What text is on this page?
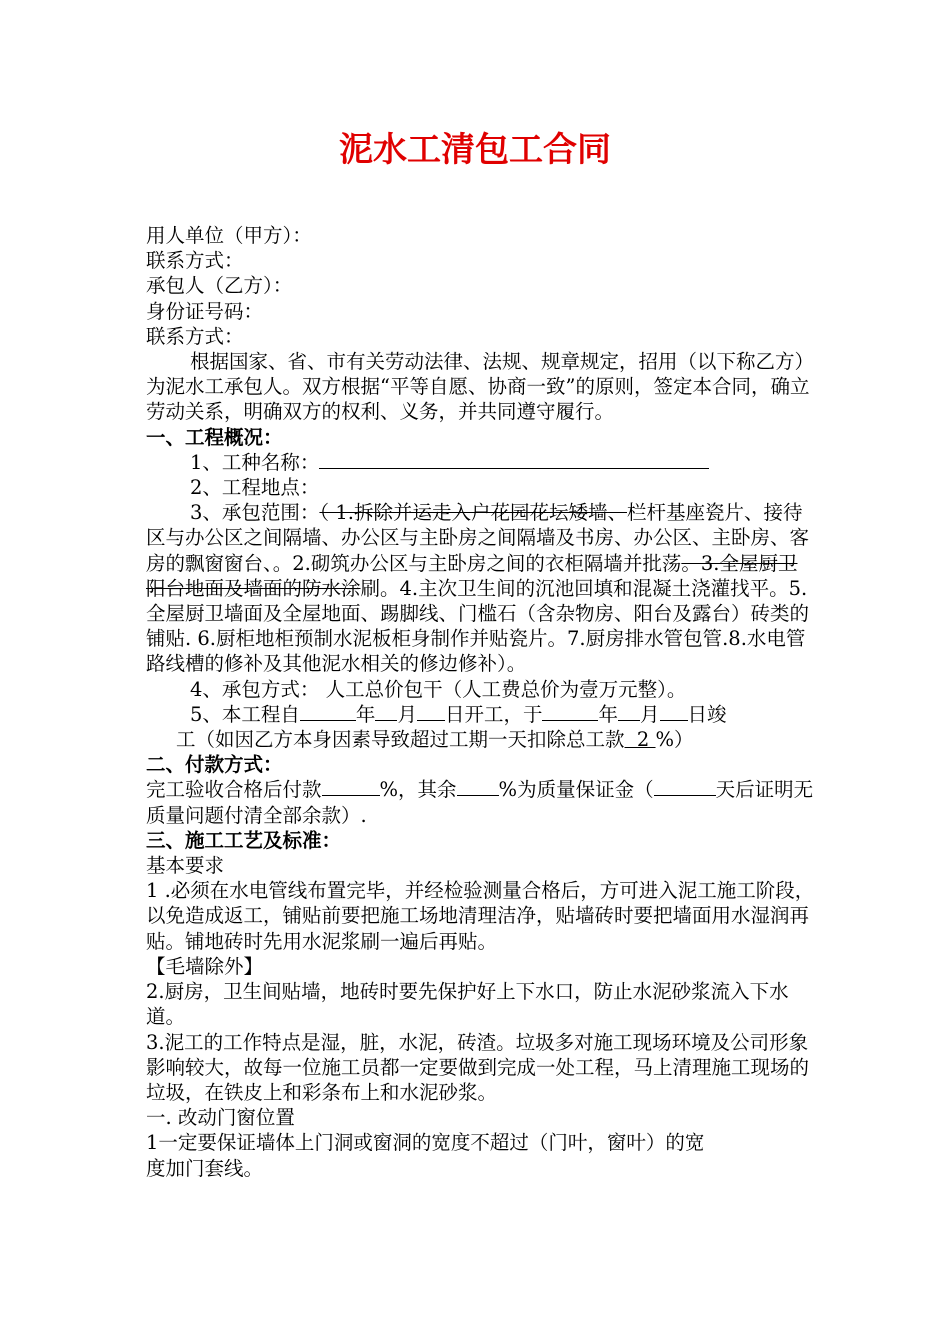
泥水工清包工合同

用人单位（甲方）：

联系方式：

承包人（乙方）：

身份证号码：

联系方式：

根据国家、省、市有关劳动法律、法规、规章规定，招用（以下称乙方）为泥水工承包人。双方根据“平等自愿、协商一致”的原则，签定本合同，确立劳动关系，明确双方的权利、义务，并共同遵守履行。

一、工程概况：

1、工种名称：

2、工程地点：

3、承包范围：（ 1.拆除并运走入户花园花坛矮墙、栏杆基座瓷片、接待区与办公区之间隔墙、办公区与主卧房之间隔墙及书房、办公区、主卧房、客房的飘窗窗台、。2.砌筑办公区与主卧房之间的衣柜隔墙并批荡。3.全屋厨卫阳台地面及墙面的防水涂刷。4.主次卫生间的沉池回填和混凝土浇灌找平。5.全屋厨卫墙面及全屋地面、踢脚线、门槛石（含杂物房、阳台及露台）砖类的铺贴. 6.厨柜地柜预制水泥板柜身制作并贴瓷片。7.厨房排水管包管.8.水电管路线槽的修补及其他泥水相关的修边修补）。

4、承包方式： 人工总价包干（人工费总价为壹万元整）。

5、本工程自	年 月 日开工，于	年 月 日竣

工（如因乙方本身因素导致超过工期一天扣除总工款  2 %）

二、付款方式：

完工验收合格后付款	%，其余 %为质量保证金（	天后证明无质量问题付清全部余款）.

三、施工工艺及标准：

基本要求

1 .必须在水电管线布置完毕，并经检验测量合格后，方可进入泥工施工阶段，以免造成返工，铺贴前要把施工场地清理洁净，贴墙砖时要把墙面用水湿润再贴。铺地砖时先用水泥浆刷一遍后再贴。

【毛墙除外】

2.厨房，卫生间贴墙，地砖时要先保护好上下水口，防止水泥砂浆流入下水道。

3.泥工的工作特点是湿，脏，水泥，砖渣。垃圾多对施工现场环境及公司形象影响较大，故每一位施工员都一定要做到完成一处工程，马上清理施工现场的垃圾，在铁皮上和彩条布上和水泥砂浆。

一. 改动门窗位置

1一定要保证墙体上门洞或窗洞的宽度不超过（门叶，窗叶）的宽

度加门套线。
